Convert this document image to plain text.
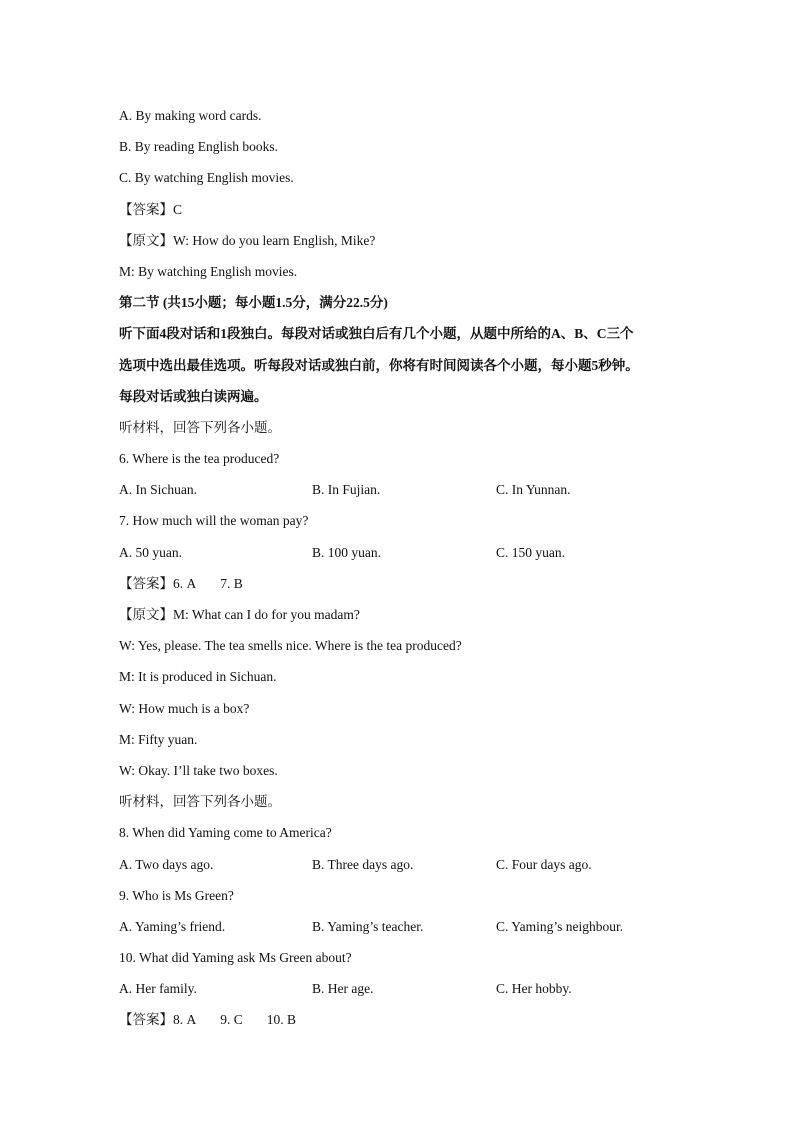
A. By making word cards.
B. By reading English books.
C. By watching English movies.
【答案】C
【原文】W: How do you learn English, Mike?
M: By watching English movies.
第二节 (共15小题；每小题1.5分，满分22.5分)
听下面4段对话和1段独白。每段对话或独白后有几个小题，从题中所给的A、B、C三个
选项中选出最佳选项。听每段对话或独白前，你将有时间阅读各个小题，每小题5秒钟。
每段对话或独白读两遍。
听材料，回答下列各小题。
6. Where is the tea produced?
A. In Sichuan.	B. In Fujian.	C. In Yunnan.
7. How much will the woman pay?
A. 50 yuan.	B. 100 yuan.	C. 150 yuan.
【答案】6. A 7. B
【原文】M: What can I do for you madam?
W: Yes, please. The tea smells nice. Where is the tea produced?
M: It is produced in Sichuan.
W: How much is a box?
M: Fifty yuan.
W: Okay. I’ll take two boxes.
听材料，回答下列各小题。
8. When did Yaming come to America?
A. Two days ago.	B. Three days ago.	C. Four days ago.
9. Who is Ms Green?
A. Yaming’s friend.	B. Yaming’s teacher.	C. Yaming’s neighbour.
10. What did Yaming ask Ms Green about?
A. Her family.	B. Her age.	C. Her hobby.
【答案】8. A 9. C 10. B
